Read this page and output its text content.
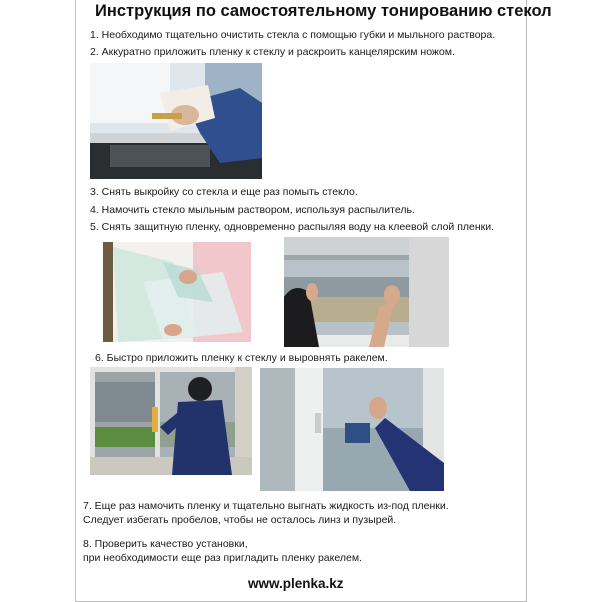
Инструкция по самостоятельному тонированию стекол
1. Необходимо тщательно очистить стекла с помощью губки и мыльного раствора.
2. Аккуратно приложить пленку к стеклу и раскроить канцелярским ножом.
3. Снять выкройку со стекла и еще раз помыть стекло.
4. Намочить стекло мыльным раствором, используя распылитель.
5. Снять защитную пленку, одновременно распыляя воду на клеевой слой пленки.
6. Быстро приложить пленку к стеклу и выровнять ракелем.
7. Еще раз намочить пленку и тщательно выгнать жидкость из-под пленки.
Следует избегать пробелов, чтобы не осталось линз и пузырей.
8. Проверить качество установки,
при необходимости еще раз пригладить пленку ракелем.
www.plenka.kz
